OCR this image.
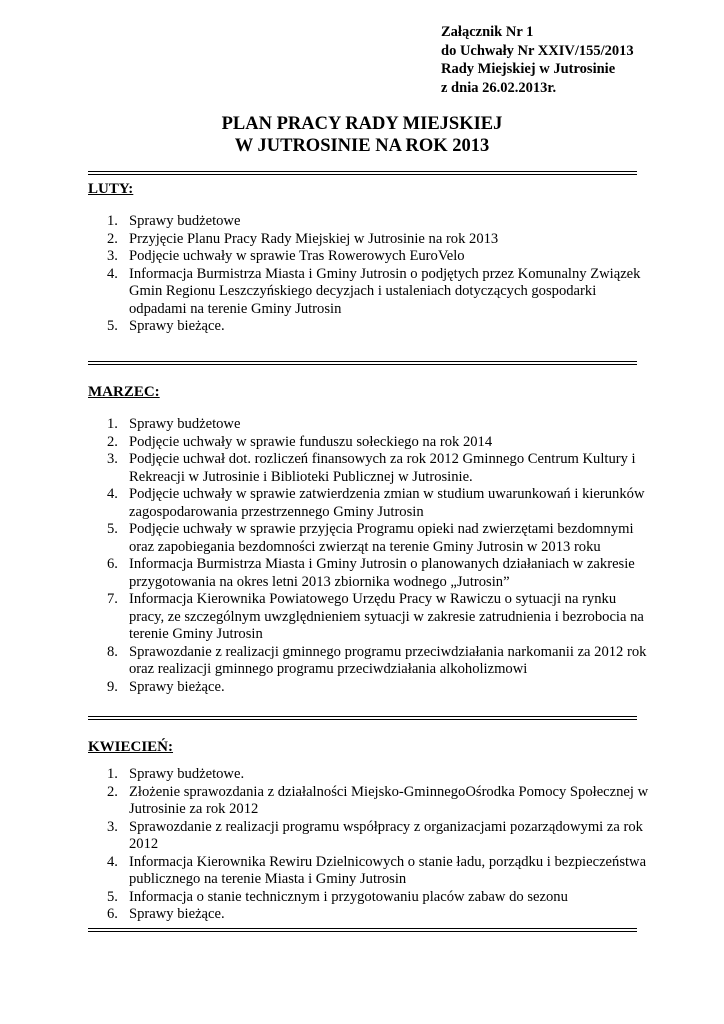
Załącznik Nr 1
do Uchwały Nr XXIV/155/2013
Rady Miejskiej w Jutrosinie
z dnia 26.02.2013r.
PLAN PRACY RADY MIEJSKIEJ
W JUTROSINIE NA ROK 2013
LUTY:
1. Sprawy budżetowe
2. Przyjęcie Planu Pracy Rady Miejskiej w Jutrosinie na rok 2013
3. Podjęcie uchwały w sprawie Tras Rowerowych EuroVelo
4. Informacja Burmistrza Miasta i Gminy Jutrosin o podjętych przez Komunalny Związek Gmin Regionu Leszczyńskiego decyzjach i ustaleniach dotyczących gospodarki odpadami na terenie Gminy Jutrosin
5. Sprawy bieżące.
MARZEC:
1. Sprawy budżetowe
2. Podjęcie uchwały w sprawie funduszu sołeckiego na rok 2014
3. Podjęcie uchwał dot. rozliczeń finansowych za rok 2012 Gminnego Centrum Kultury i Rekreacji w Jutrosinie i Biblioteki Publicznej w Jutrosinie.
4. Podjęcie uchwały w sprawie zatwierdzenia zmian w studium uwarunkowań i kierunków zagospodarowania przestrzennego Gminy Jutrosin
5. Podjęcie uchwały w sprawie przyjęcia Programu opieki nad zwierzętami bezdomnymi oraz zapobiegania bezdomności zwierząt na terenie Gminy Jutrosin w 2013 roku
6. Informacja Burmistrza Miasta i Gminy Jutrosin o planowanych działaniach w zakresie przygotowania na okres letni 2013 zbiornika wodnego „Jutrosin”
7. Informacja Kierownika Powiatowego Urzędu Pracy w Rawiczu o sytuacji na rynku pracy, ze szczególnym uwzględnieniem sytuacji w zakresie zatrudnienia i bezrobocia na terenie Gminy Jutrosin
8. Sprawozdanie z realizacji gminnego programu przeciwdziałania narkomanii za 2012 rok oraz realizacji gminnego programu przeciwdziałania alkoholizmowi
9. Sprawy bieżące.
KWIECIEŃ:
1. Sprawy budżetowe.
2. Złożenie sprawozdania z działalności Miejsko-GminnegoOśrodka Pomocy Społecznej w Jutrosinie za rok 2012
3. Sprawozdanie z realizacji programu współpracy z organizacjami pozarządowymi za rok 2012
4. Informacja Kierownika Rewiru Dzielnicowych o stanie ładu, porządku i bezpieczeństwa publicznego na terenie Miasta i Gminy Jutrosin
5. Informacja o stanie technicznym i przygotowaniu placów zabaw do sezonu
6. Sprawy bieżące.
